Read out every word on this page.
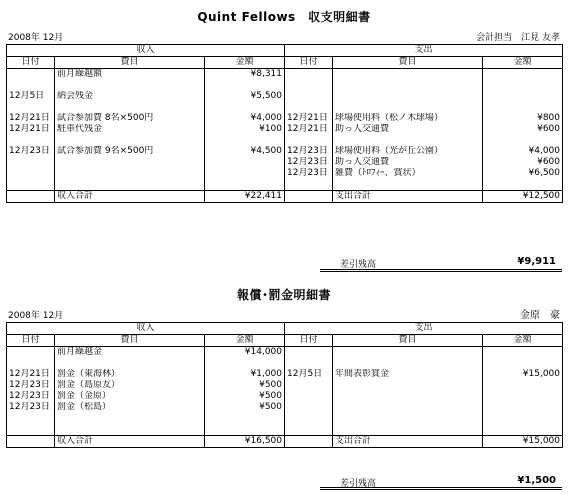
Quint Fellows　収支明細書
2008年 12月	会計担当　江見 友孝
収入			支出		
日付	費目	金額	日付	費目	金額
	前月繰越額	¥8,311			

12月5日	納会残金	¥5,500			

12月21日	試合参加費 8名×500円	¥4,000	12月21日	球場使用料（松ノ木球場）	¥800
12月21日	駐車代残金	¥100	12月21日	助っ人交通費	¥600

12月23日	試合参加費 9名×500円	¥4,500	12月23日	球場使用料（光が丘公園）	¥4,000
			12月23日	助っ人交通費	¥600
			12月23日	雑費（ﾄﾛﾌｨｰ、賞状）	¥6,500

	収入合計	¥22,411		支出合計	¥12,500
差引残高	¥9,911
報償･罰金明細書
2008年 12月	金原　豪
収入			支出		
日付	費目	金額	日付	費目	金額
	前月繰越金	¥14,000			

12月21日	罰金（東海林）	¥1,000	12月5日	年間表彰賞金	¥15,000
12月23日	罰金（島原友）	¥500			
12月23日	罰金（金原）	¥500			
12月23日	罰金（松島）	¥500			

	収入合計	¥16,500		支出合計	¥15,000
差引残高	¥1,500
